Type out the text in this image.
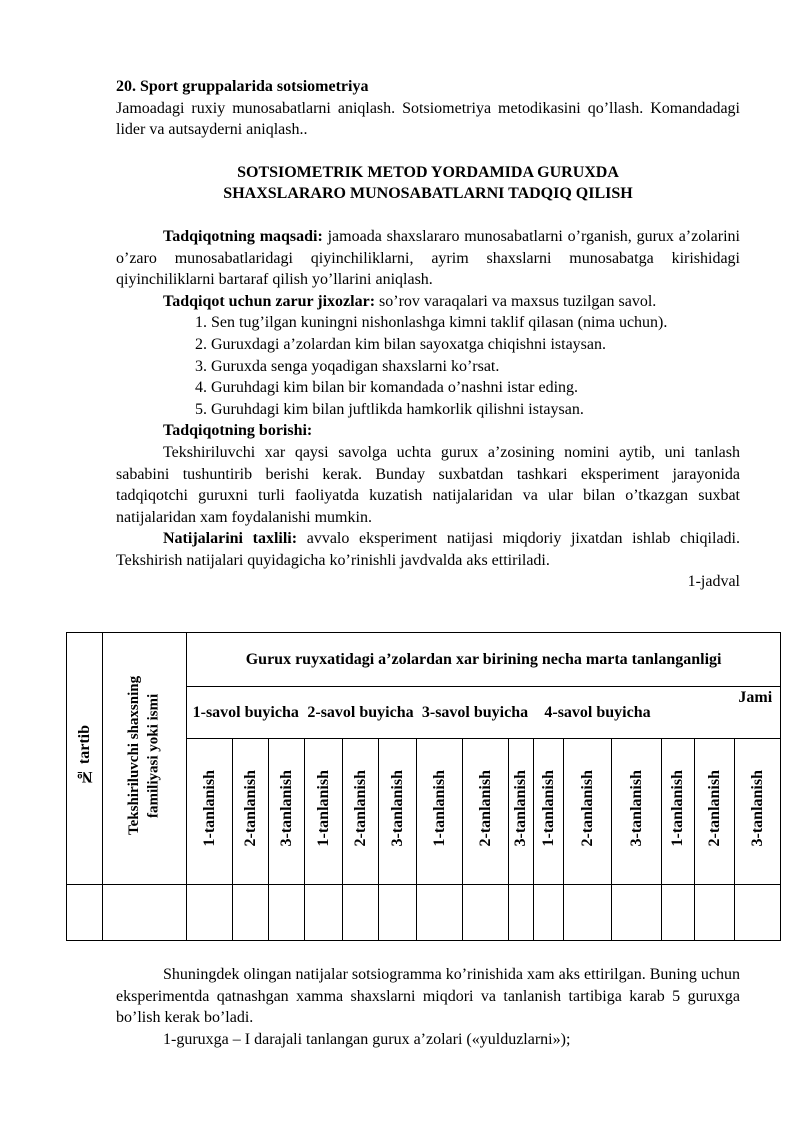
20. Sport gruppalarida sotsiometriya

Jamoadagi ruxiy munosabatlarni aniqlash. Sotsiometriya metodikasini qo’llash. Komandadagi lider va autsayderni aniqlash..

SOTSIOMETRIK METOD YORDAMIDA GURUXDA

SHAXSLARARO MUNOSABATLARNI TADQIQ QILISH

Tadqiqotning maqsadi: jamoada shaxslararo munosabatlarni o’rganish, gurux a’zolarini o’zaro munosabatlaridagi qiyinchiliklarni, ayrim shaxslarni munosabatga kirishidagi qiyinchiliklarni bartaraf qilish yo’llarini aniqlash.

Tadqiqot uchun zarur jixozlar: so’rov varaqalari va maxsus tuzilgan savol.

1. Sen tug’ilgan kuningni nishonlashga kimni taklif qilasan (nima uchun).
2. Guruxdagi a’zolardan kim bilan sayoxatga chiqishni istaysan.
3. Guruxda senga yoqadigan shaxslarni ko’rsat.
4. Guruhdagi kim bilan bir komandada o’nashni istar eding.
5. Guruhdagi kim bilan juftlikda hamkorlik qilishni istaysan.

Tadqiqotning borishi:

Tekshiriluvchi xar qaysi savolga uchta gurux a’zosining nomini aytib, uni tanlash sababini tushuntirib berishi kerak. Bunday suxbatdan tashkari eksperiment jarayonida tadqiqotchi guruxni turli faoliyatda kuzatish natijalaridan va ular bilan o’tkazgan suxbat natijalaridan xam foydalanishi mumkin.

Natijalarini taxlili: avvalo eksperiment natijasi miqdoriy jixatdan ishlab chiqiladi. Tekshirish natijalari quyidagicha ko’rinishli javdvalda aks ettiriladi.

1-jadval

№ tartib	Tekshiriluvchi shaxsning familiyasi yoki ismi	Gurux ruyxatidagi a’zolardan xar birining necha marta tanlanganligi														
		1-savol buyicha			2-savol buyicha			3-savol buyicha			4-savol buyicha			Jami		
		1-tanlanish	2-tanlanish	3-tanlanish	1-tanlanish	2-tanlanish	3-tanlanish	1-tanlanish	2-tanlanish	3-tanlanish	1-tanlanish	2-tanlanish	3-tanlanish	1-tanlanish	2-tanlanish	3-tanlanish

Shuningdek olingan natijalar sotsiogramma ko’rinishida xam aks ettirilgan. Buning uchun eksperimentda qatnashgan xamma shaxslarni miqdori va tanlanish tartibiga karab 5 guruxga bo’lish kerak bo’ladi.

1-guruxga – I darajali tanlangan gurux a’zolari («yulduzlarni»);
